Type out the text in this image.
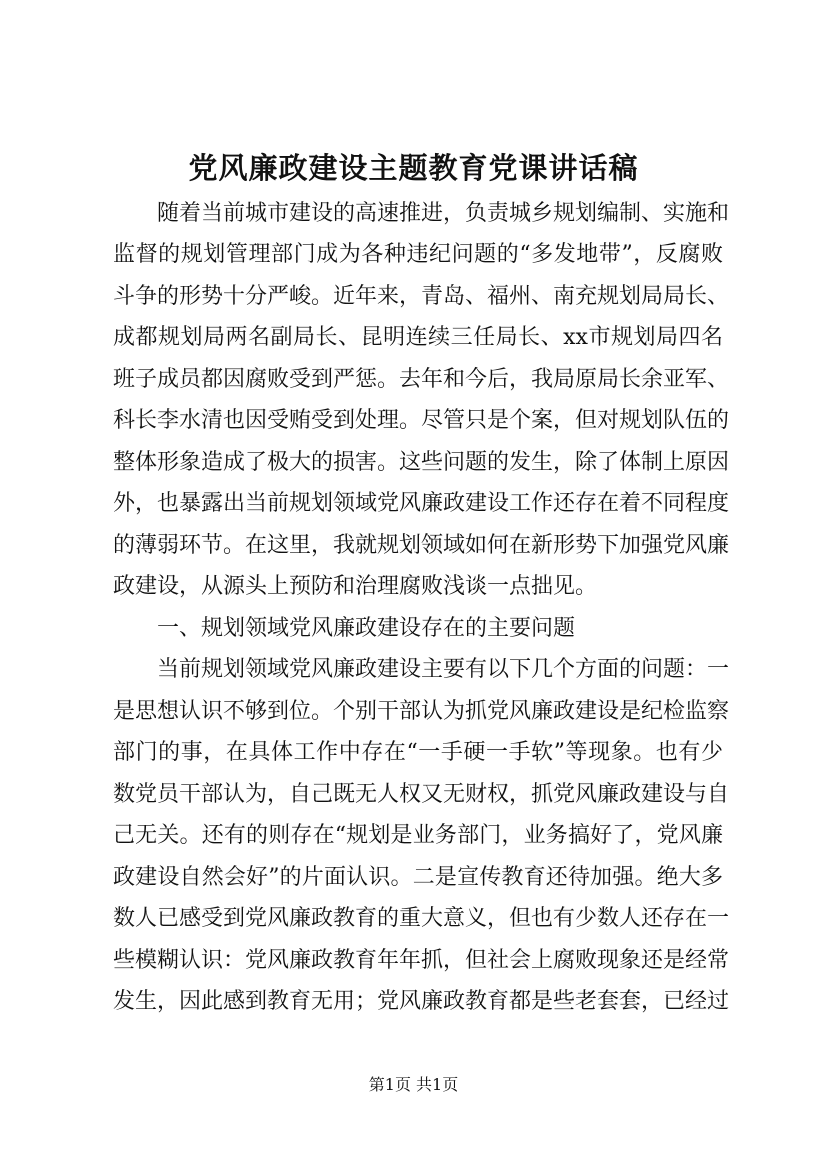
党风廉政建设主题教育党课讲话稿
随着当前城市建设的高速推进，负责城乡规划编制、实施和
监督的规划管理部门成为各种违纪问题的“多发地带”，反腐败
斗争的形势十分严峻。近年来，青岛、福州、南充规划局局长、
成都规划局两名副局长、昆明连续三任局长、xx市规划局四名
班子成员都因腐败受到严惩。去年和今后，我局原局长余亚军、
科长李水清也因受贿受到处理。尽管只是个案，但对规划队伍的
整体形象造成了极大的损害。这些问题的发生，除了体制上原因
外，也暴露出当前规划领域党风廉政建设工作还存在着不同程度
的薄弱环节。在这里，我就规划领域如何在新形势下加强党风廉
政建设，从源头上预防和治理腐败浅谈一点拙见。
一、规划领域党风廉政建设存在的主要问题
当前规划领域党风廉政建设主要有以下几个方面的问题：一
是思想认识不够到位。个别干部认为抓党风廉政建设是纪检监察
部门的事，在具体工作中存在“一手硬一手软”等现象。也有少
数党员干部认为，自己既无人权又无财权，抓党风廉政建设与自
己无关。还有的则存在“规划是业务部门，业务搞好了，党风廉
政建设自然会好”的片面认识。二是宣传教育还待加强。绝大多
数人已感受到党风廉政教育的重大意义，但也有少数人还存在一
些模糊认识：党风廉政教育年年抓，但社会上腐败现象还是经常
发生，因此感到教育无用；党风廉政教育都是些老套套，已经过
第1页 共1页
